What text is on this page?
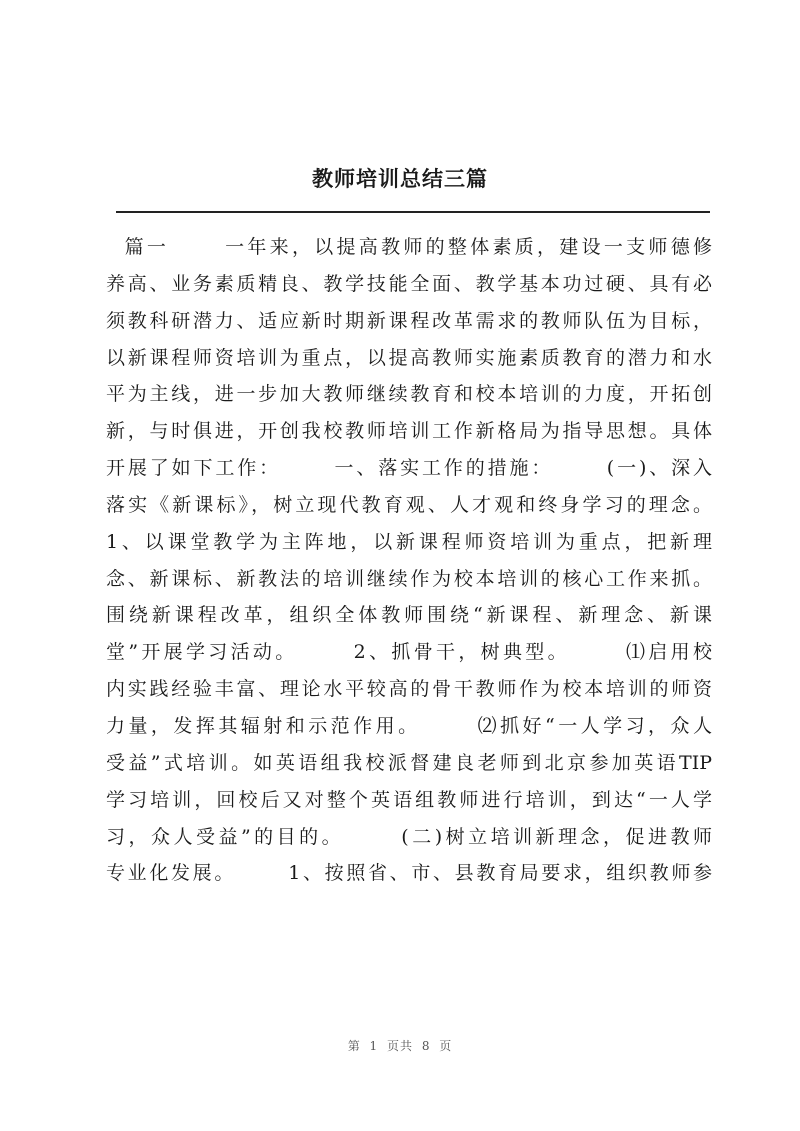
教师培训总结三篇
篇一      一年来，以提高教师的整体素质，建设一支师德修
养高、业务素质精良、教学技能全面、教学基本功过硬、具有必
须教科研潜力、适应新时期新课程改革需求的教师队伍为目标，
以新课程师资培训为重点，以提高教师实施素质教育的潜力和水
平为主线，进一步加大教师继续教育和校本培训的力度，开拓创
新，与时俱进，开创我校教师培训工作新格局为指导思想。具体
开展了如下工作：      一、落实工作的措施：      (一)、深入
落实《新课标》，树立现代教育观、人才观和终身学习的理念。
1、以课堂教学为主阵地，以新课程师资培训为重点，把新理
念、新课标、新教法的培训继续作为校本培训的核心工作来抓。
围绕新课程改革，组织全体教师围绕“新课程、新理念、新课
堂”开展学习活动。      2、抓骨干，树典型。      ⑴启用校
内实践经验丰富、理论水平较高的骨干教师作为校本培训的师资
力量，发挥其辐射和示范作用。      ⑵抓好“一人学习，众人
受益”式培训。如英语组我校派督建良老师到北京参加英语TIP
学习培训，回校后又对整个英语组教师进行培训，到达“一人学
习，众人受益”的目的。      (二)树立培训新理念，促进教师
专业化发展。      1、按照省、市、县教育局要求，组织教师参
第 1 页共 8 页
